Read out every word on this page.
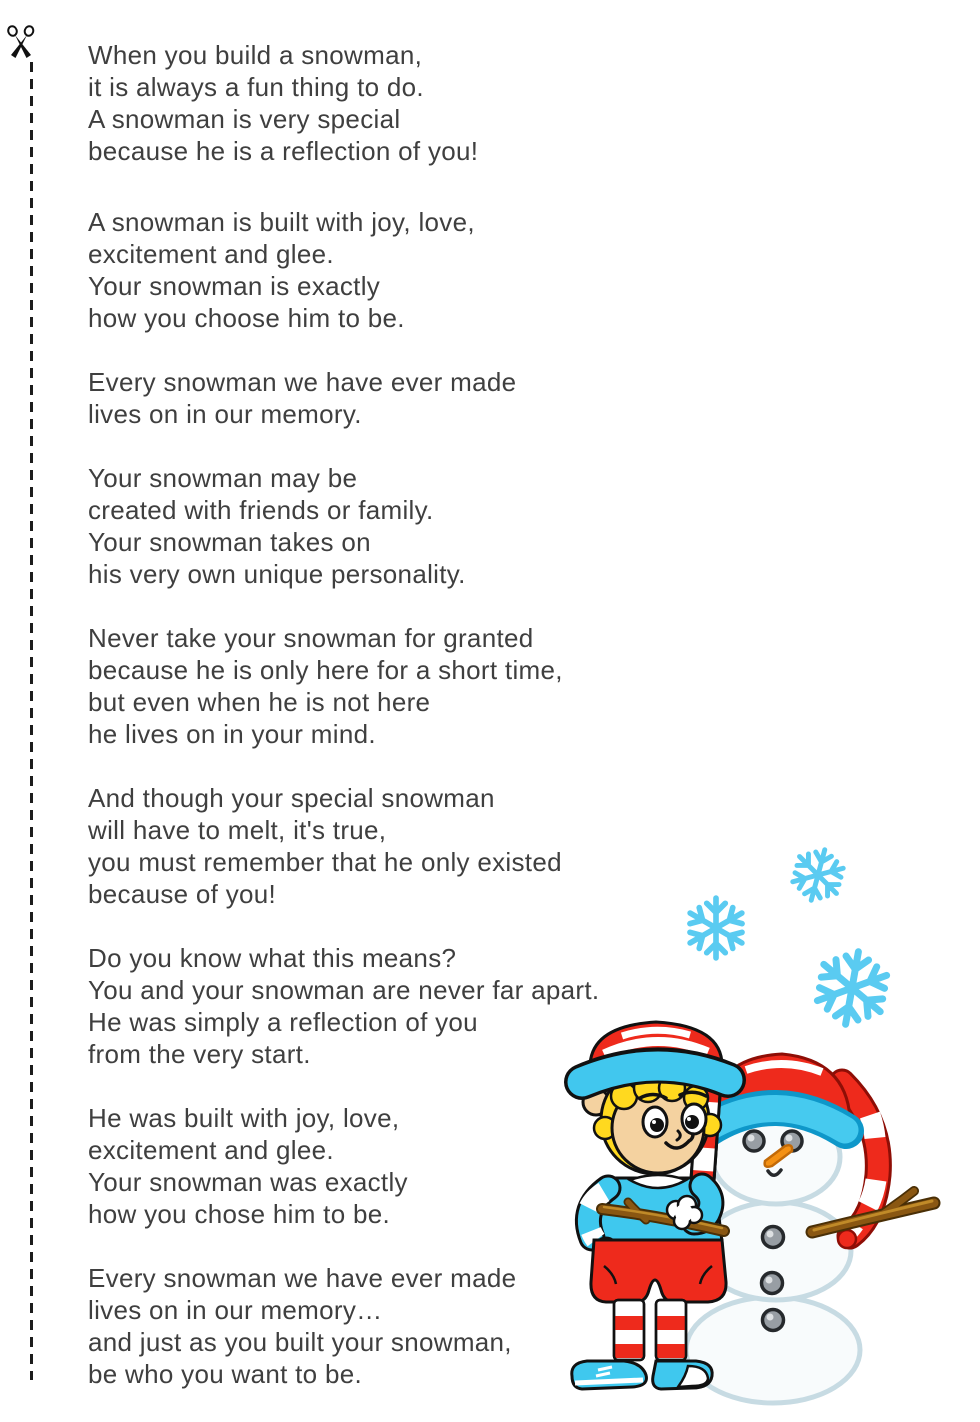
When you build a snowman,
it is always a fun thing to do.
A snowman is very special
because he is a reflection of you!
A snowman is built with joy, love,
excitement and glee.
Your snowman is exactly
how you choose him to be.
Every snowman we have ever made
lives on in our memory.
Your snowman may be
created with friends or family.
Your snowman takes on
his very own unique personality.
Never take your snowman for granted
because he is only here for a short time,
but even when he is not here
he lives on in your mind.
And though your special snowman
will have to melt, it's true,
you must remember that he only existed
because of you!
Do you know what this means?
You and your snowman are never far apart.
He was simply a reflection of you
from the very start.
He was built with joy, love,
excitement and glee.
Your snowman was exactly
how you chose him to be.
Every snowman we have ever made
lives on in our memory…
and just as you built your snowman,
be who you want to be.
